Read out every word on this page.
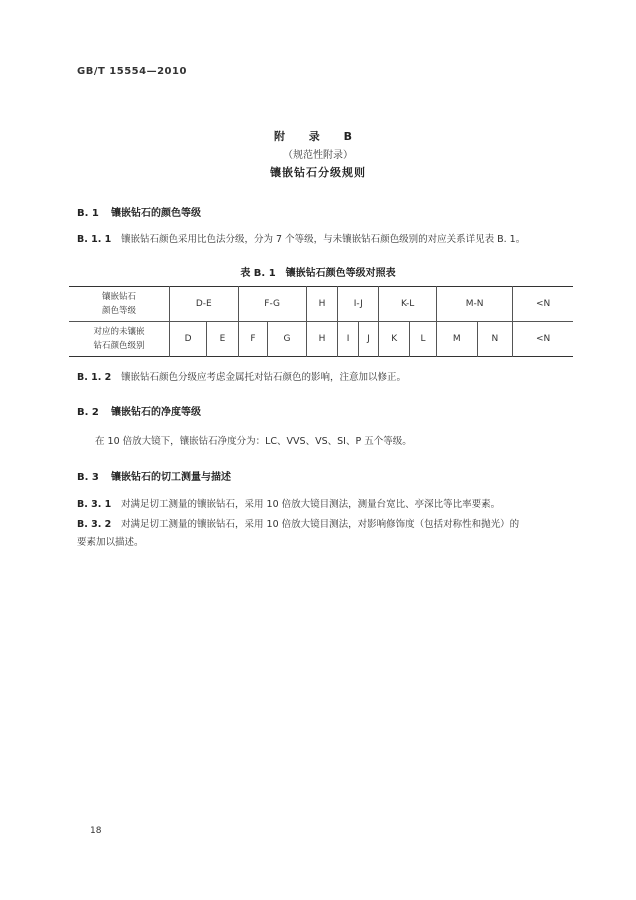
GB/T 15554—2010
附 录 B
（规范性附录）
镶嵌钻石分级规则
B. 1 镶嵌钻石的颜色等级
B. 1. 1 镶嵌钻石颜色采用比色法分级，分为 7 个等级，与未镶嵌钻石颜色级别的对应关系详见表 B. 1。
表 B. 1 镶嵌钻石颜色等级对照表
镶嵌钻石
颜色等级	D-E		F-G		H	I-J		K-L		M-N		<N

对应的未镶嵌
钻石颜色级别	D	E	F	G	H	I	J	K	L	M	N	<N
B. 1. 2 镶嵌钻石颜色分级应考虑金属托对钻石颜色的影响，注意加以修正。
B. 2 镶嵌钻石的净度等级
在 10 倍放大镜下，镶嵌钻石净度分为：LC、VVS、VS、SI、P 五个等级。
B. 3 镶嵌钻石的切工测量与描述
B. 3. 1 对满足切工测量的镶嵌钻石，采用 10 倍放大镜目测法，测量台宽比、亭深比等比率要素。
B. 3. 2 对满足切工测量的镶嵌钻石，采用 10 倍放大镜目测法，对影响修饰度（包括对称性和抛光）的
要素加以描述。
18
